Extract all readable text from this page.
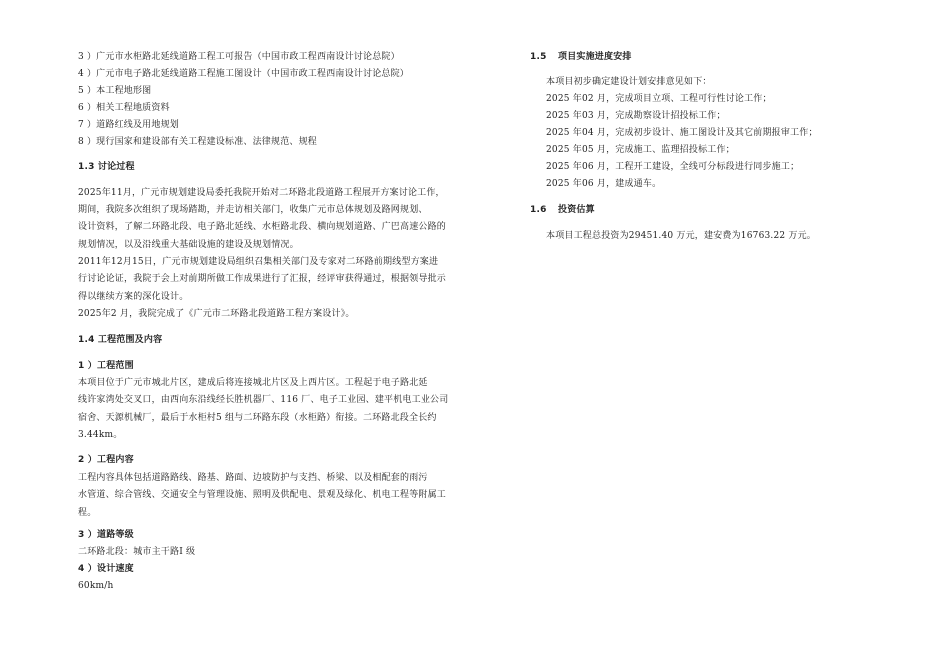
3 ）广元市水柜路北延线道路工程工可报告（中国市政工程西南设计讨论总院）
4 ）广元市电子路北延线道路工程施工图设计（中国市政工程西南设计讨论总院）
5 ）本工程地形图
6 ）相关工程地质资料
7 ）道路红线及用地规划
8 ）现行国家和建设部有关工程建设标准、法律规范、规程
1.3 讨论过程
2025年11月，广元市规划建设局委托我院开始对二环路北段道路工程展开方案讨论工作，
期间，我院多次组织了现场踏勘，并走访相关部门，收集广元市总体规划及路网规划、
设计资料，了解二环路北段、电子路北延线、水柜路北段、横向规划道路、广巴高速公路的
规划情况，以及沿线重大基础设施的建设及规划情况。
2011年12月15日，广元市规划建设局组织召集相关部门及专家对二环路前期线型方案进
行讨论论证，我院于会上对前期所做工作成果进行了汇报，经评审获得通过，根据领导批示
得以继续方案的深化设计。
2025年2 月，我院完成了《广元市二环路北段道路工程方案设计》。
1.4 工程范围及内容
1 ）工程范围
本项目位于广元市城北片区，建成后将连接城北片区及上西片区。工程起于电子路北延
线许家湾处交叉口，由西向东沿线经长胜机器厂、116 厂、电子工业园、建平机电工业公司
宿舍、天源机械厂，最后于水柜村5 组与二环路东段（水柜路）衔接。二环路北段全长约
3.44km。
2 ）工程内容
工程内容具体包括道路路线、路基、路面、边坡防护与支挡、桥梁、以及相配套的雨污
水管道、综合管线、交通安全与管理设施、照明及供配电、景观及绿化、机电工程等附属工
程。
3 ）道路等级
二环路北段：城市主干路Ⅰ 级
4 ）设计速度
60km/h
1.5 项目实施进度安排
本项目初步确定建设计划安排意见如下：
2025 年02 月，完成项目立项、工程可行性讨论工作；
2025 年03 月，完成勘察设计招投标工作；
2025 年04 月，完成初步设计、施工图设计及其它前期报审工作；
2025 年05 月，完成施工、监理招投标工作；
2025 年06 月，工程开工建设，全线可分标段进行同步施工；
2025 年06 月，建成通车。
1.6 投资估算
本项目工程总投资为29451.40 万元，建安费为16763.22 万元。
